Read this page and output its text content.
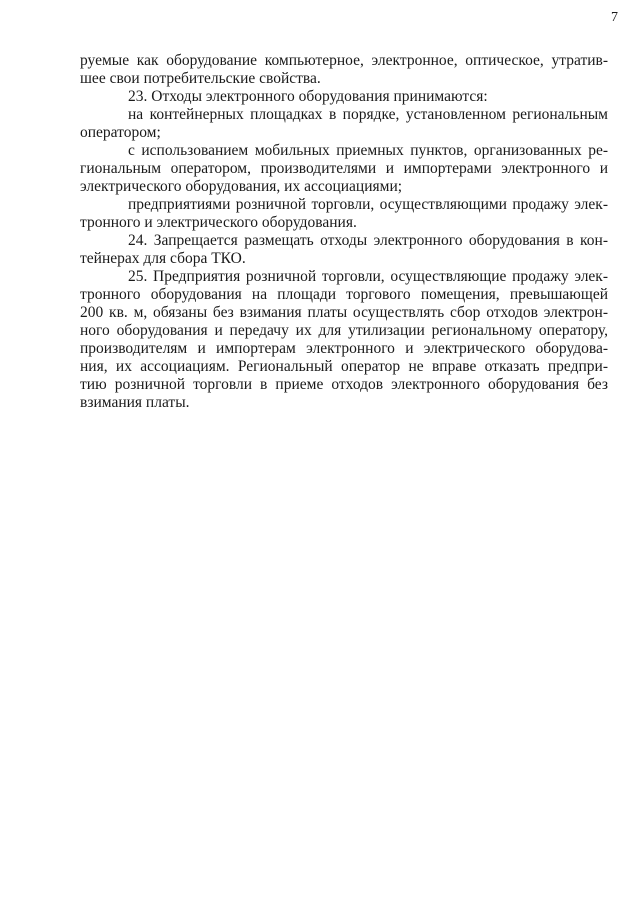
7
руемые как оборудование компьютерное, электронное, оптическое, утратив-
шее свои потребительские свойства.
23. Отходы электронного оборудования принимаются:
на контейнерных площадках в порядке, установленном региональным
оператором;
с использованием мобильных приемных пунктов, организованных ре-
гиональным оператором, производителями и импортерами электронного и
электрического оборудования, их ассоциациями;
предприятиями розничной торговли, осуществляющими продажу элек-
тронного и электрического оборудования.
24. Запрещается размещать отходы электронного оборудования в кон-
тейнерах для сбора ТКО.
25. Предприятия розничной торговли, осуществляющие продажу элек-
тронного оборудования на площади торгового помещения, превышающей
200 кв. м, обязаны без взимания платы осуществлять сбор отходов электрон-
ного оборудования и передачу их для утилизации региональному оператору,
производителям и импортерам электронного и электрического оборудова-
ния, их ассоциациям. Региональный оператор не вправе отказать предпри-
тию розничной торговли в приеме отходов электронного оборудования без
взимания платы.
